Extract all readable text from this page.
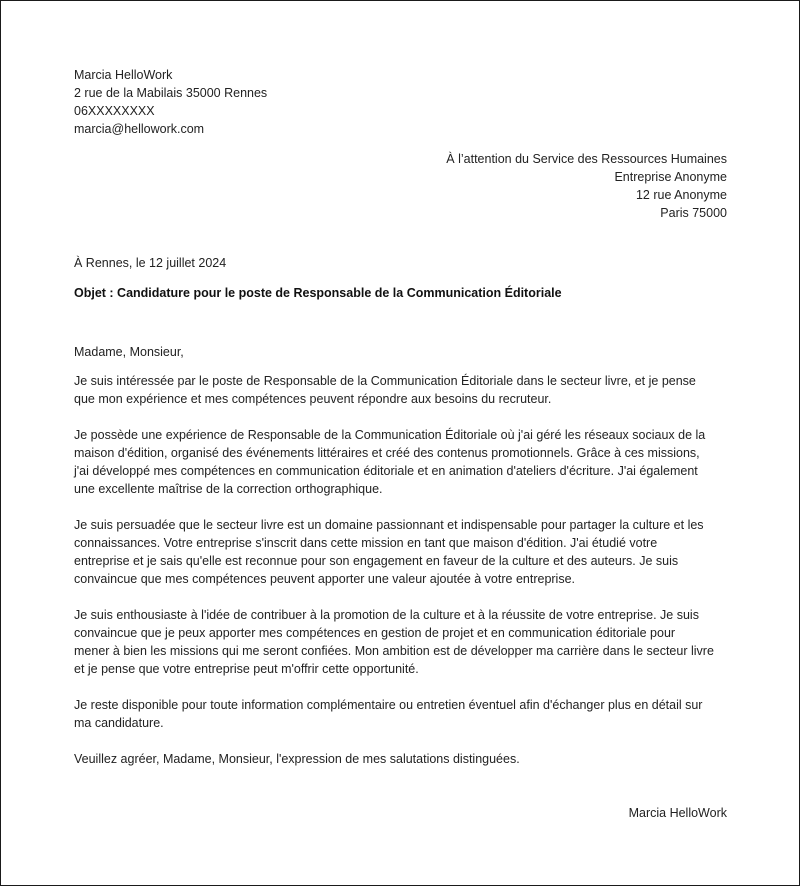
Marcia HelloWork
2 rue de la Mabilais 35000 Rennes
06XXXXXXXX
marcia@hellowork.com
À l’attention du Service des Ressources Humaines
Entreprise Anonyme
12 rue Anonyme
Paris 75000
À Rennes, le 12 juillet 2024
Objet : Candidature pour le poste de Responsable de la Communication Éditoriale
Madame, Monsieur,
Je suis intéressée par le poste de Responsable de la Communication Éditoriale dans le secteur livre, et je pense
que mon expérience et mes compétences peuvent répondre aux besoins du recruteur.
Je possède une expérience de Responsable de la Communication Éditoriale où j'ai géré les réseaux sociaux de la
maison d'édition, organisé des événements littéraires et créé des contenus promotionnels. Grâce à ces missions,
j'ai développé mes compétences en communication éditoriale et en animation d'ateliers d'écriture. J'ai également
une excellente maîtrise de la correction orthographique.
Je suis persuadée que le secteur livre est un domaine passionnant et indispensable pour partager la culture et les
connaissances. Votre entreprise s'inscrit dans cette mission en tant que maison d'édition. J'ai étudié votre
entreprise et je sais qu'elle est reconnue pour son engagement en faveur de la culture et des auteurs. Je suis
convaincue que mes compétences peuvent apporter une valeur ajoutée à votre entreprise.
Je suis enthousiaste à l'idée de contribuer à la promotion de la culture et à la réussite de votre entreprise. Je suis
convaincue que je peux apporter mes compétences en gestion de projet et en communication éditoriale pour
mener à bien les missions qui me seront confiées. Mon ambition est de développer ma carrière dans le secteur livre
et je pense que votre entreprise peut m'offrir cette opportunité.
Je reste disponible pour toute information complémentaire ou entretien éventuel afin d'échanger plus en détail sur
ma candidature.
Veuillez agréer, Madame, Monsieur, l'expression de mes salutations distinguées.
Marcia HelloWork
